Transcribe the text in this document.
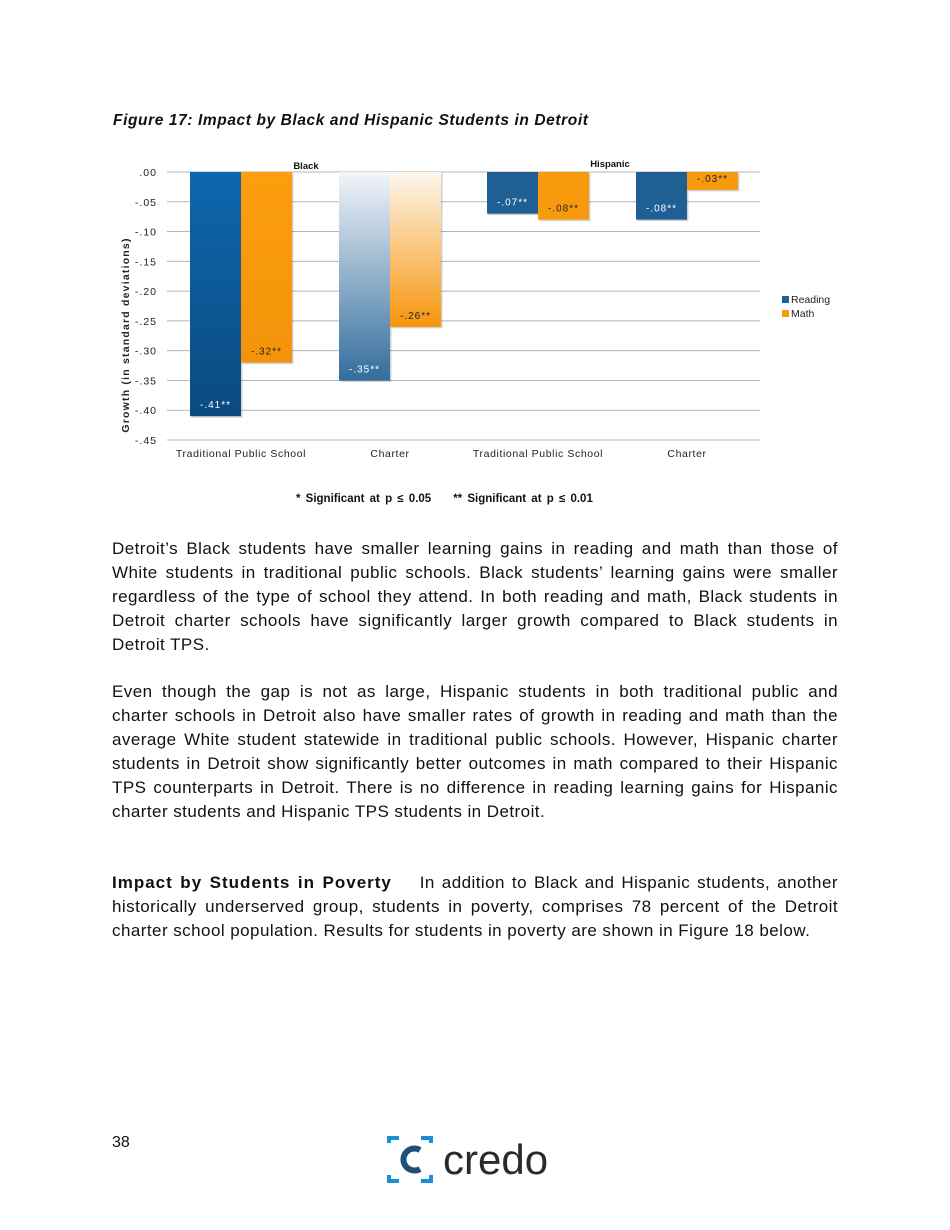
Figure 17: Impact by Black and Hispanic Students in Detroit
.00
-.05
-.10
-.15
-.20
-.25
-.30
-.35
-.40
-.45
Growth (in standard deviations)	-.41**
-.32**
Traditional Public School
-.35**
-.26**
Charter
-.07**
-.08**
Traditional Public School
-.08**
-.03**
Charter
Black	Hispanic
Reading
Math
* Significant at p ≤ 0.05 ** Significant at p ≤ 0.01

Detroit’s Black students have smaller learning gains in reading and math than those of White students in traditional public schools. Black students’ learning gains were smaller regardless of the type of school they attend. In both reading and math, Black students in Detroit charter schools have significantly larger growth compared to Black students in Detroit TPS.

Even though the gap is not as large, Hispanic students in both traditional public and charter schools in Detroit also have smaller rates of growth in reading and math than the average White student statewide in traditional public schools. However, Hispanic charter students in Detroit show significantly better outcomes in math compared to their Hispanic TPS counterparts in Detroit. There is no difference in reading learning gains for Hispanic charter students and Hispanic TPS students in Detroit.

Impact by Students in Poverty In addition to Black and Hispanic students, another historically underserved group, students in poverty, comprises 78 percent of the Detroit charter school population. Results for students in poverty are shown in Figure 18 below.

38	credo
